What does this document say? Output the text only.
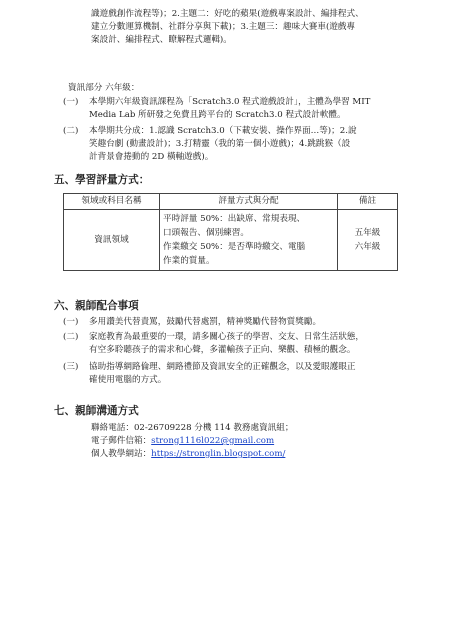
識遊戲創作流程等)；2.主題二：好吃的蘋果(遊戲專案設計、編排程式、

建立分數運算機制、社群分享與下載)；3.主題三：趣味大賽車(遊戲專

案設計、編排程式、瞭解程式邏輯)。

資訊部分 六年級：

(一) 本學期六年級資訊課程為「Scratch3.0 程式遊戲設計」，主體為學習 MIT

Media Lab 所研發之免費且跨平台的 Scratch3.0 程式設計軟體。

(二) 本學期共分成：1.認識 Scratch3.0（下載安裝、操作界面…等)；2.說

笑趣台劇 (動畫設計)；3.打精靈（我的第一個小遊戲)；4.跳跳猴（設

計背景會捲動的 2D 橫軸遊戲)。

五、學習評量方式：
領域或科目名稱	評量方式與分配	備註
資訊領域	平時評量 50%：出缺席、常規表現、
口頭報告、個別練習。
作業繳交 50%：是否準時繳交、電腦
作業的質量。	五年級
六年級
六、親師配合事項
(一) 多用讚美代替責罵，鼓勵代替處罰，精神獎勵代替物質獎勵。

(二) 家庭教育為最重要的一環，請多關心孩子的學習、交友、日常生活狀態，

有空多聆聽孩子的需求和心聲，多灌輸孩子正向、樂觀、積極的觀念。

(三) 協助指導網路倫理、網路禮節及資訊安全的正確觀念，以及愛眼護眼正

確使用電腦的方式。

七、親師溝通方式

聯絡電話：02-26709228 分機 114 教務處資訊組；

電子郵件信箱：strong1116l022@gmail.com

個人教學網站：https://stronglin.blogspot.com/
